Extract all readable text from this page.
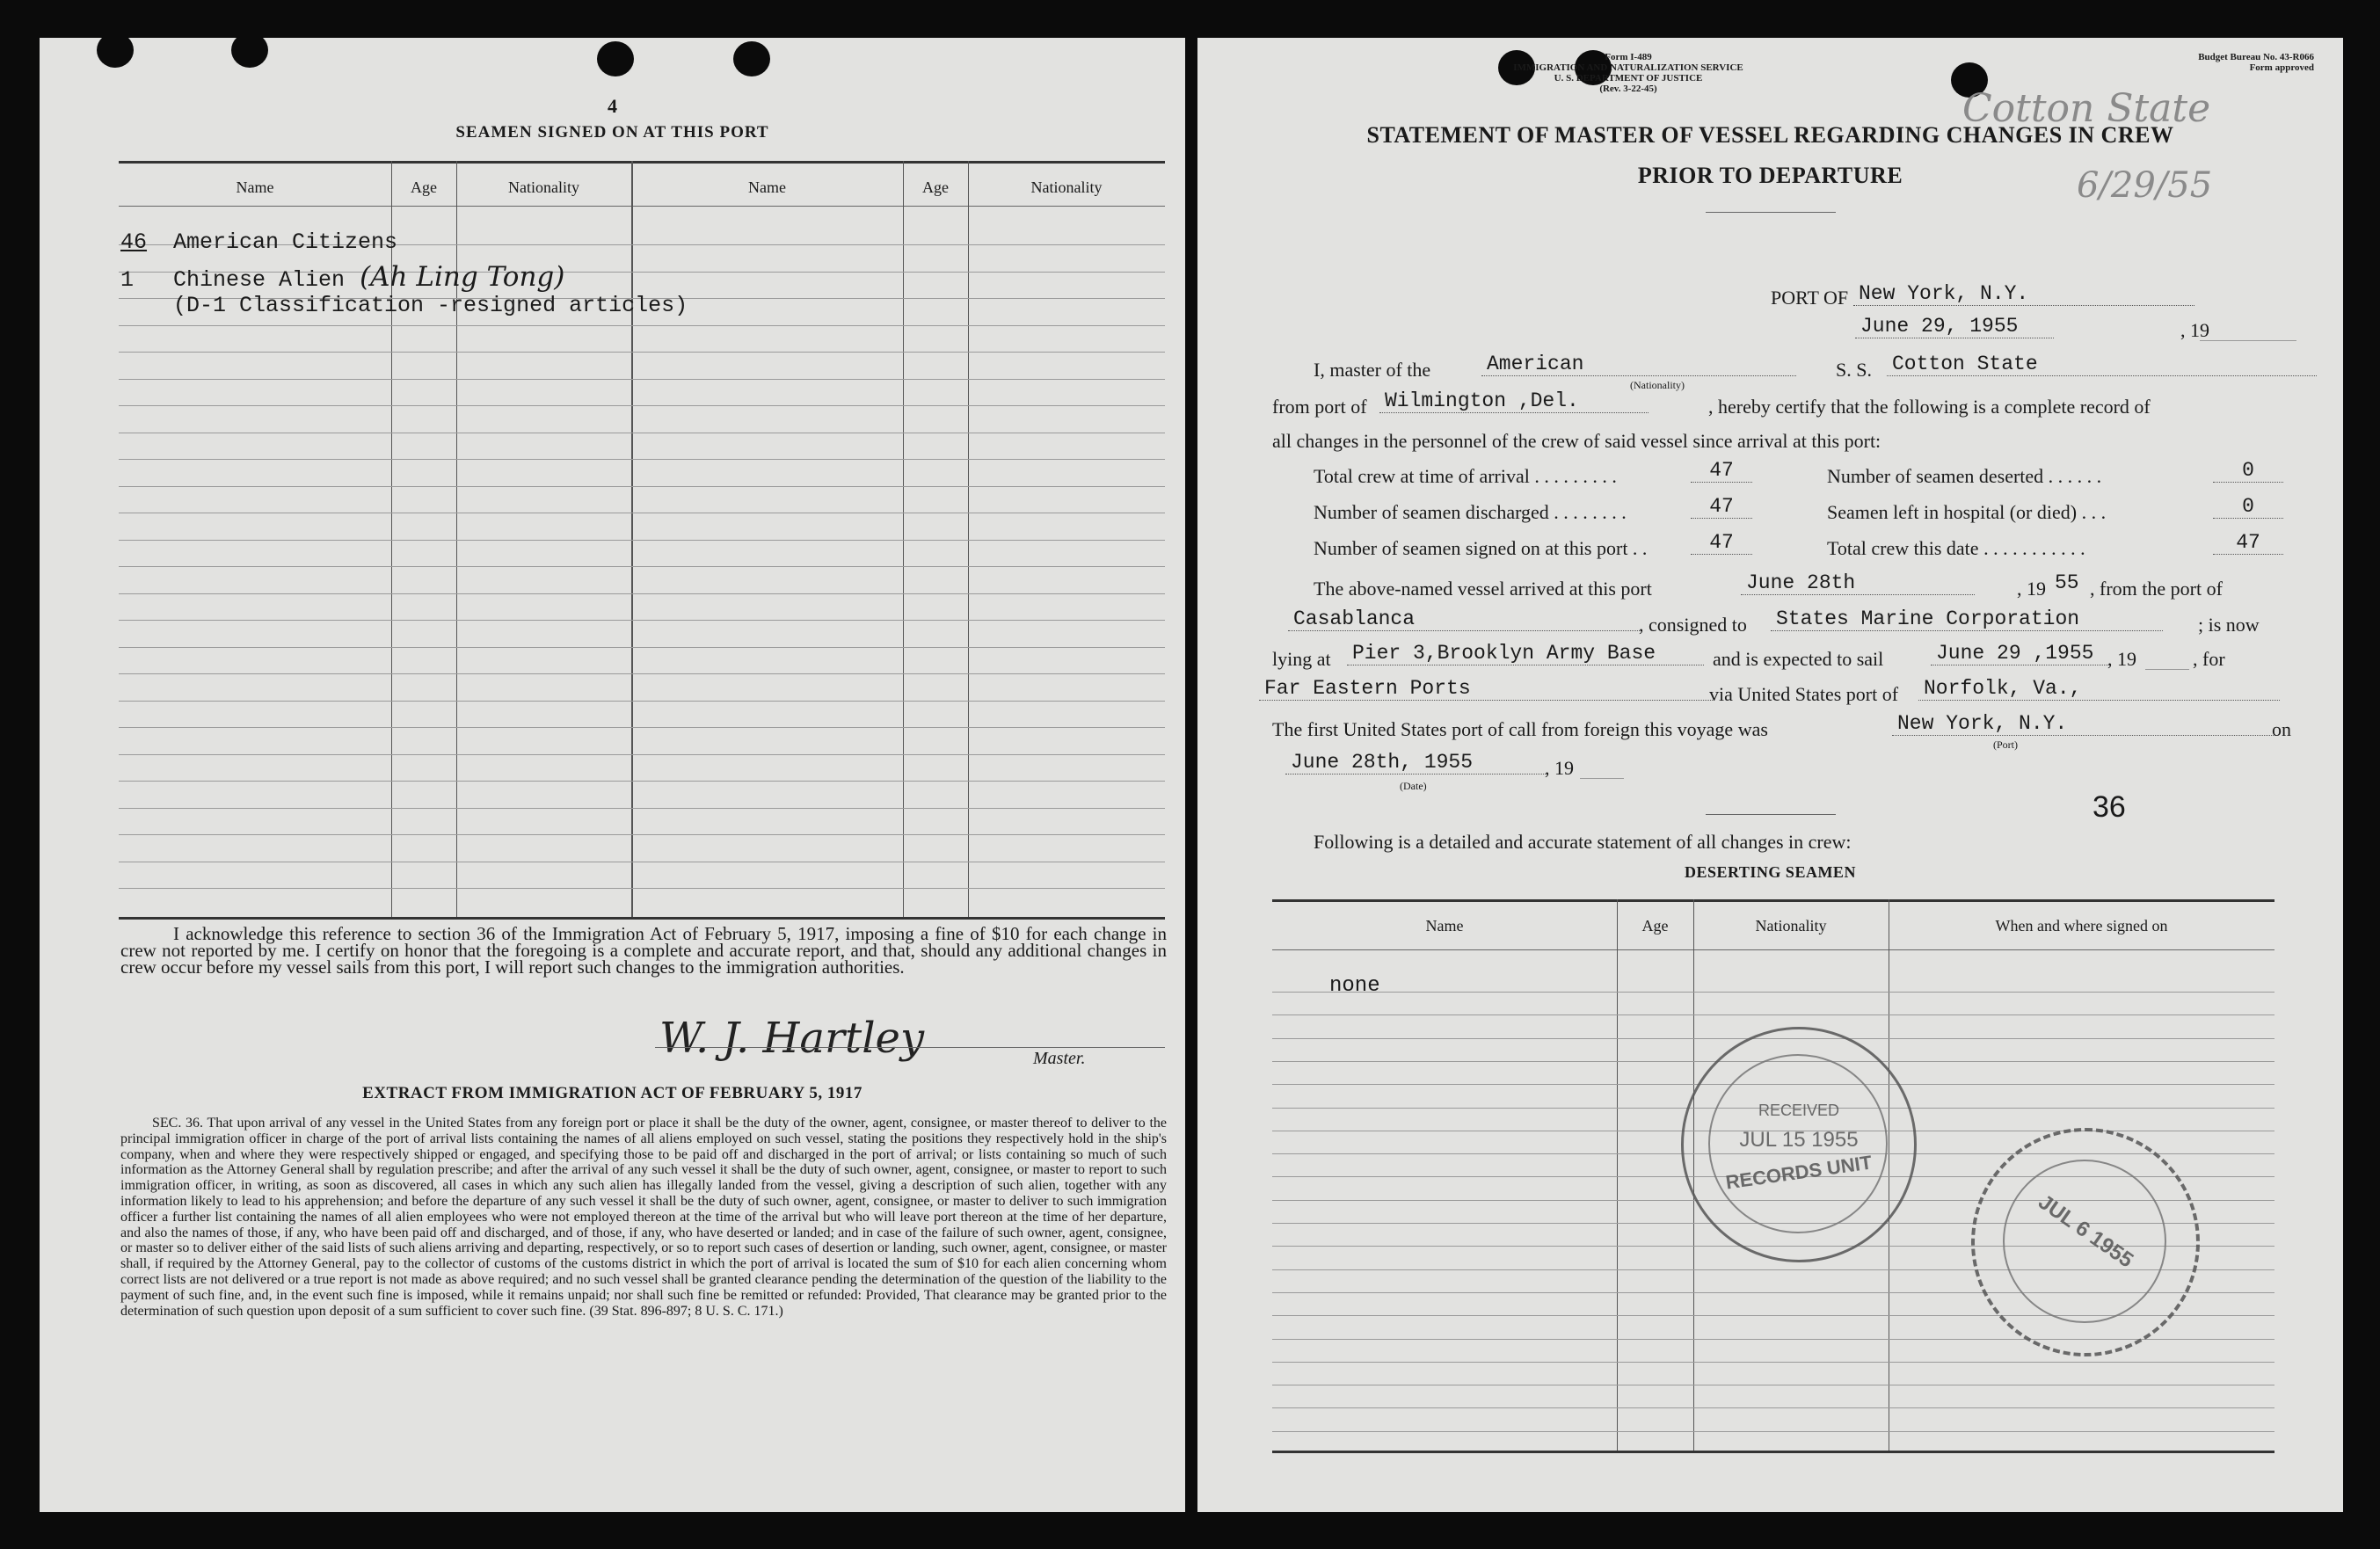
4
SEAMEN SIGNED ON AT THIS PORT
Name	Age	Nationality	Name	Age	Nationality
46 American Citizens
1 Chinese Alien (Ah Ling Tong)
(D-1 Classification -resigned articles)
I acknowledge this reference to section 36 of the Immigration Act of February 5, 1917, imposing a fine of $10 for each change in crew not reported by me. I certify on honor that the foregoing is a complete and accurate report, and that, should any additional changes in crew occur before my vessel sails from this port, I will report such changes to the immigration authorities.
W. J. Hartley	Master.
EXTRACT FROM IMMIGRATION ACT OF FEBRUARY 5, 1917
SEC. 36. That upon arrival of any vessel in the United States from any foreign port or place it shall be the duty of the owner, agent, consignee, or master thereof to deliver to the principal immigration officer in charge of the port of arrival lists containing the names of all aliens employed on such vessel, stating the positions they respectively hold in the ship's company, when and where they were respectively shipped or engaged, and specifying those to be paid off and discharged in the port of arrival; or lists containing so much of such information as the Attorney General shall by regulation prescribe; and after the arrival of any such vessel it shall be the duty of such owner, agent, consignee, or master to report to such immigration officer, in writing, as soon as discovered, all cases in which any such alien has illegally landed from the vessel, giving a description of such alien, together with any information likely to lead to his apprehension; and before the departure of any such vessel it shall be the duty of such owner, agent, consignee, or master to deliver to such immigration officer a further list containing the names of all alien employees who were not employed thereon at the time of the arrival but who will leave port thereon at the time of her departure, and also the names of those, if any, who have been paid off and discharged, and of those, if any, who have deserted or landed; and in case of the failure of such owner, agent, consignee, or master so to deliver either of the said lists of such aliens arriving and departing, respectively, or so to report such cases of desertion or landing, such owner, agent, consignee, or master shall, if required by the Attorney General, pay to the collector of customs of the customs district in which the port of arrival is located the sum of $10 for each alien concerning whom correct lists are not delivered or a true report is not made as above required; and no such vessel shall be granted clearance pending the determination of the question of the liability to the payment of such fine, and, in the event such fine is imposed, while it remains unpaid; nor shall such fine be remitted or refunded: Provided, That clearance may be granted prior to the determination of such question upon deposit of a sum sufficient to cover such fine. (39 Stat. 896-897; 8 U. S. C. 171.)
Form I-489
IMMIGRATION AND NATURALIZATION SERVICE
U. S. DEPARTMENT OF JUSTICE
(Rev. 3-22-45)
Budget Bureau No. 43-R066
Form approved
Cotton State
6/29/55
STATEMENT OF MASTER OF VESSEL REGARDING CHANGES IN CREW
PRIOR TO DEPARTURE
PORT OF New York, N.Y.
June 29, 1955	, 19
I, master of the	American
(Nationality)
S. S. Cotton State
from port of Wilmington ,Del.	, hereby certify that the following is a complete record of
all changes in the personnel of the crew of said vessel since arrival at this port:
Total crew at time of arrival . . . . . . . . .	47	Number of seamen deserted . . . . . .	0
Number of seamen discharged . . . . . . . .	47	Seamen left in hospital (or died) . . .	0
Number of seamen signed on at this port . .	47	Total crew this date . . . . . . . . . . .	47
The above-named vessel arrived at this port	June 28th	, 19 55 , from the port of
Casablanca	, consigned to States Marine Corporation	; is now
lying at Pier 3,Brooklyn Army Base	and is expected to sail	June 29 ,1955 , 19	, for
Far Eastern Ports	via United States port of Norfolk, Va.,
The first United States port of call from foreign this voyage was	New York, N.Y.	on
(Port)
June 28th, 1955	, 19
(Date)
36
Following is a detailed and accurate statement of all changes in crew:
DESERTING SEAMEN
Name	Age	Nationality	When and where signed on
none
RECEIVED
JUL 15 1955
RECORDS UNIT
JUL 6 1955
